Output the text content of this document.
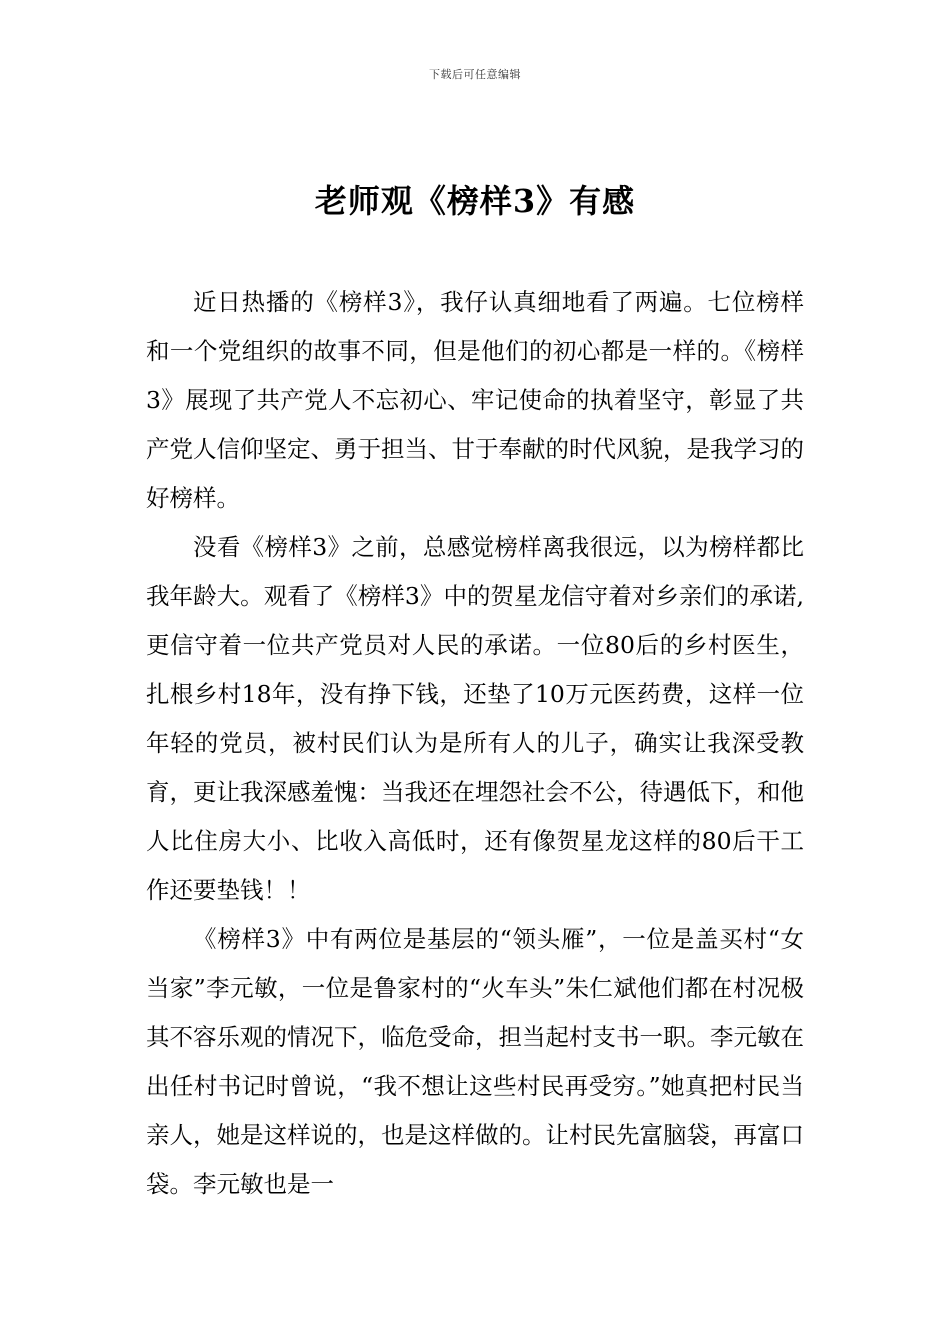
下载后可任意编辑
老师观《榜样3》有感

近日热播的《榜样3》，我仔认真细地看了两遍。七位榜样和一个党组织的故事不同，但是他们的初心都是一样的。《榜样3》展现了共产党人不忘初心、牢记使命的执着坚守，彰显了共产党人信仰坚定、勇于担当、甘于奉献的时代风貌，是我学习的好榜样。

没看《榜样3》之前，总感觉榜样离我很远，以为榜样都比我年龄大。观看了《榜样3》中的贺星龙信守着对乡亲们的承诺,更信守着一位共产党员对人民的承诺。一位80后的乡村医生，扎根乡村18年，没有挣下钱，还垫了10万元医药费，这样一位年轻的党员，被村民们认为是所有人的儿子，确实让我深受教育，更让我深感羞愧：当我还在埋怨社会不公，待遇低下，和他人比住房大小、比收入高低时，还有像贺星龙这样的80后干工作还要垫钱！！

《榜样3》中有两位是基层的“领头雁”，一位是盖买村“女当家”李元敏，一位是鲁家村的“火车头”朱仁斌他们都在村况极其不容乐观的情况下，临危受命，担当起村支书一职。李元敏在出任村书记时曾说，“我不想让这些村民再受穷。”她真把村民当亲人，她是这样说的，也是这样做的。让村民先富脑袋，再富口袋。李元敏也是一
